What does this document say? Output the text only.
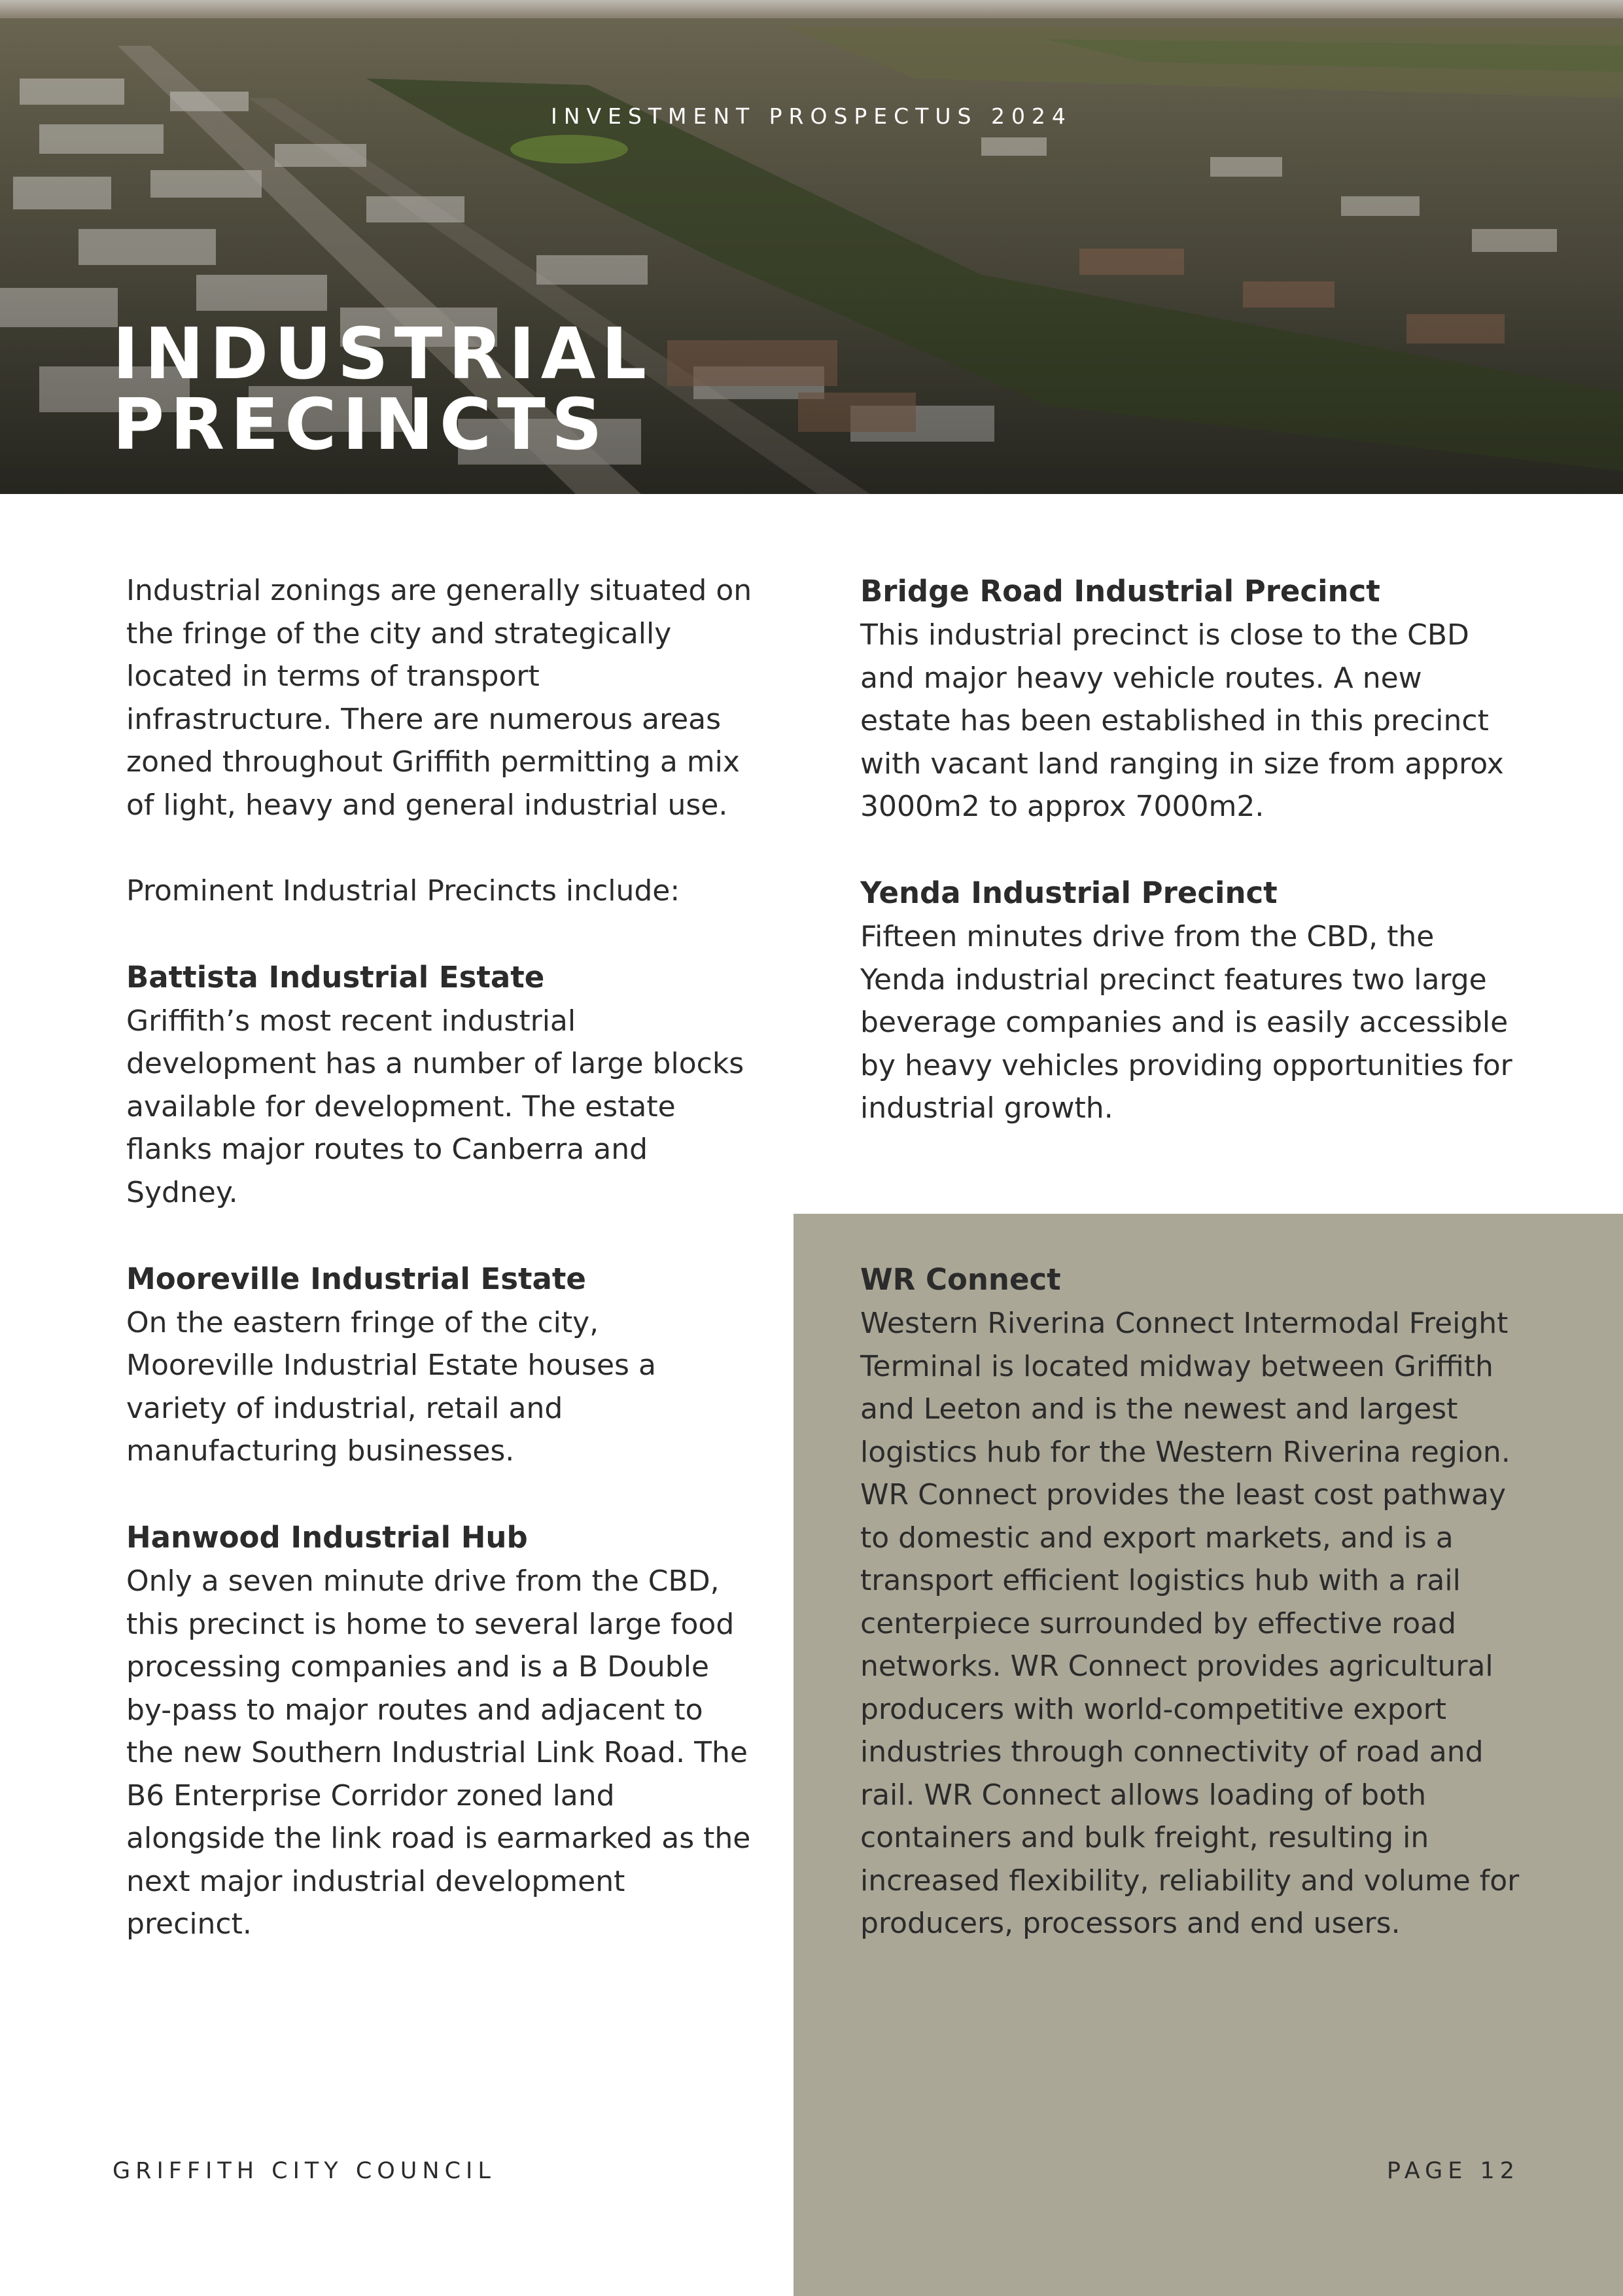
INVESTMENT PROSPECTUS 2024
INDUSTRIAL
PRECINCTS

Industrial zonings are generally situated on the fringe of the city and strategically located in terms of transport infrastructure. There are numerous areas zoned throughout Griffith permitting a mix of light, heavy and general industrial use.

Prominent Industrial Precincts include:

Battista Industrial Estate

Griffith’s most recent industrial development has a number of large blocks available for development. The estate flanks major routes to Canberra and Sydney.

Mooreville Industrial Estate

On the eastern fringe of the city, Mooreville Industrial Estate houses a variety of industrial, retail and manufacturing businesses.

Hanwood Industrial Hub

Only a seven minute drive from the CBD, this precinct is home to several large food processing companies and is a B Double by-pass to major routes and adjacent to the new Southern Industrial Link Road. The B6 Enterprise Corridor zoned land alongside the link road is earmarked as the next major industrial development precinct.

Bridge Road Industrial Precinct

This industrial precinct is close to the CBD and major heavy vehicle routes. A new estate has been established in this precinct with vacant land ranging in size from approx 3000m2 to approx 7000m2.

Yenda Industrial Precinct

Fifteen minutes drive from the CBD, the Yenda industrial precinct features two large beverage companies and is easily accessible by heavy vehicles providing opportunities for industrial growth.

WR Connect

Western Riverina Connect Intermodal Freight Terminal is located midway between Griffith and Leeton and is the newest and largest logistics hub for the Western Riverina region. WR Connect provides the least cost pathway to domestic and export markets, and is a transport efficient logistics hub with a rail centerpiece surrounded by effective road networks. WR Connect provides agricultural producers with world-competitive export industries through connectivity of road and rail. WR Connect allows loading of both containers and bulk freight, resulting in increased flexibility, reliability and volume for producers, processors and end users.

GRIFFITH CITY COUNCIL	PAGE 12
